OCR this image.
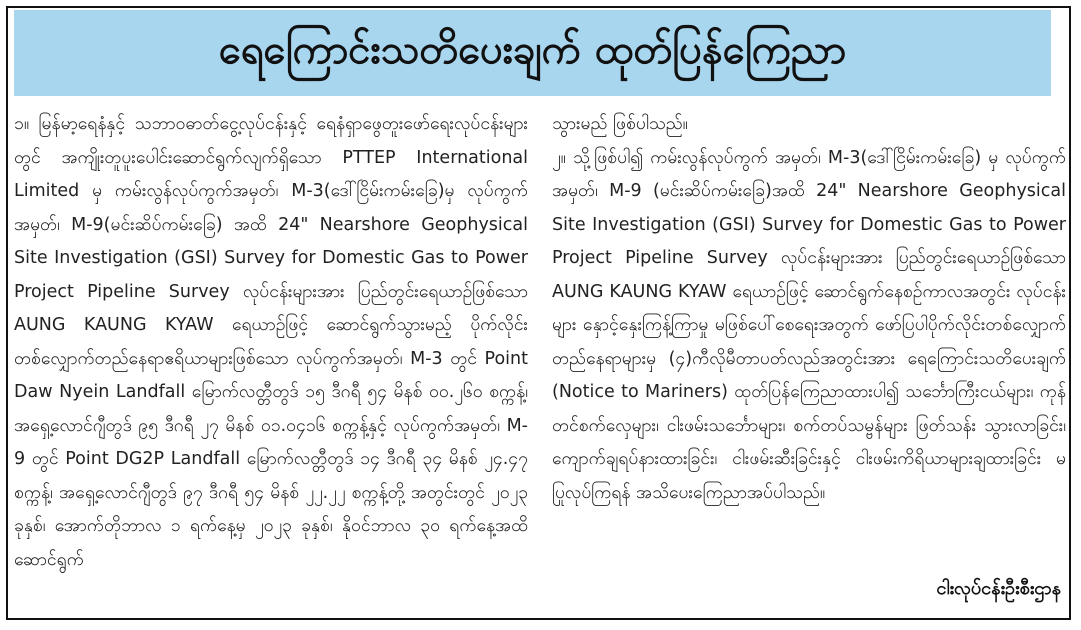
ရေကြောင်းသတိပေးချက် ထုတ်ပြန်ကြေညာ

၁။ မြန်မာ့ရေနံနှင့် သဘာဝဓာတ်ငွေ့လုပ်ငန်းနှင့် ရေနံရှာဖွေတူးဖော်ရေးလုပ်ငန်းများတွင် အကျိုးတူပူးပေါင်းဆောင်ရွက်လျက်ရှိသော PTTEP International Limited မှ ကမ်းလွန်လုပ်ကွက်အမှတ်၊ M-3(ဒေါ်ငြိမ်းကမ်းခြေ)မှ လုပ်ကွက်အမှတ်၊ M-9(မင်းဆိပ်ကမ်းခြေ) အထိ 24" Nearshore Geophysical Site Investigation (GSI) Survey for Domestic Gas to Power Project Pipeline Survey လုပ်ငန်းများအား ပြည်တွင်းရေယာဉ်ဖြစ်သော AUNG KAUNG KYAW ရေယာဉ်ဖြင့် ဆောင်ရွက်သွားမည့် ပိုက်လိုင်းတစ်လျှောက်တည်နေရာဧရိယာများဖြစ်သော လုပ်ကွက်အမှတ်၊ M-3 တွင် Point Daw Nyein Landfall မြောက်လတ္တီတွဒ် ၁၅ ဒီဂရီ ၅၄ မိနစ် ၀၀.၂၆၀ စက္ကန့်၊ အရှေ့လောင်ဂျီတွဒ် ၉၅ ဒီဂရီ ၂၇ မိနစ် ၀၁.၀၄၁၆ စက္ကန့်နှင့် လုပ်ကွက်အမှတ်၊ M-9 တွင် Point DG2P Landfall မြောက်လတ္တီတွဒ် ၁၄ ဒီဂရီ ၃၄ မိနစ် ၂၄.၄၇ စက္ကန့်၊ အရှေ့လောင်ဂျီတွဒ် ၉၇ ဒီဂရီ ၅၄ မိနစ် ၂၂.၂၂ စက္ကန့်တို့ အတွင်းတွင် ၂၀၂၃ ခုနှစ်၊ အောက်တိုဘာလ ၁ ရက်နေ့မှ ၂၀၂၃ ခုနှစ်၊ နိုဝင်ဘာလ ၃၀ ရက်နေ့အထိ ဆောင်ရွက်

သွားမည် ဖြစ်ပါသည်။

၂။ သို့ဖြစ်ပါ၍ ကမ်းလွန်လုပ်ကွက် အမှတ်၊ M-3(ဒေါ်ငြိမ်းကမ်းခြေ) မှ လုပ်ကွက်အမှတ်၊ M-9 (မင်းဆိပ်ကမ်းခြေ)အထိ 24" Nearshore Geophysical Site Investigation (GSI) Survey for Domestic Gas to Power Project Pipeline Survey လုပ်ငန်းများအား ပြည်တွင်းရေယာဉ်ဖြစ်သော AUNG KAUNG KYAW ရေယာဉ်ဖြင့် ဆောင်ရွက်နေစဉ်ကာလအတွင်း လုပ်ငန်းများ နှောင့်နှေးကြန့်ကြာမှု မဖြစ်ပေါ်စေရေးအတွက် ဖော်ပြပါပိုက်လိုင်းတစ်လျှောက် တည်နေရာများမှ (၄)ကီလိုမီတာပတ်လည်အတွင်းအား ရေကြောင်းသတိပေးချက် (Notice to Mariners) ထုတ်ပြန်ကြေညာထားပါ၍ သင်္ဘောကြီးငယ်များ၊ ကုန်တင်စက်လှေများ၊ ငါးဖမ်းသင်္ဘောများ၊ စက်တပ်သမ္ဗန်များ ဖြတ်သန်း သွားလာခြင်း၊ ကျောက်ချရပ်နားထားခြင်း၊ ငါးဖမ်းဆီးခြင်းနှင့် ငါးဖမ်းကိရိယာများချထားခြင်း မပြုလုပ်ကြရန် အသိပေးကြေညာအပ်ပါသည်။

ငါးလုပ်ငန်းဦးစီးဌာန
